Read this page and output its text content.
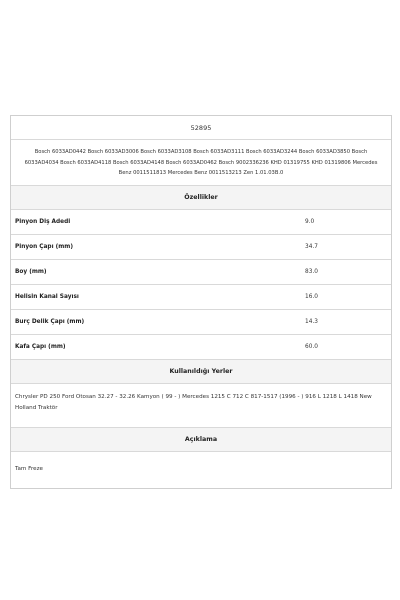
52895
Bosch 6033AD0442 Bosch 6033AD3006 Bosch 6033AD3108 Bosch 6033AD3111 Bosch 6033AD3244 Bosch 6033AD3850 Bosch 6033AD4034 Bosch 6033AD4118 Bosch 6033AD4148 Bosch 6033AD0462 Bosch 9002336236 KHD 01319755 KHD 01319806 Mercedes Benz 0011511813 Mercedes Benz 0011513213 Zen 1.01.03B.0
Özellikler
Pinyon Diş Adedi	9.0
Pinyon Çapı (mm)	34.7
Boy (mm)	83.0
Helisin Kanal Sayısı	16.0
Burç Delik Çapı (mm)	14.3
Kafa Çapı (mm)	60.0
Kullanıldığı Yerler
Chrysler PD 250 Ford Otosan 32.27 - 32.26 Kamyon ( 99 - ) Mercedes 1215 C 712 C 817-1517 (1996 - ) 916 L 1218 L 1418 New Holland Traktör
Açıklama
Tam Freze
